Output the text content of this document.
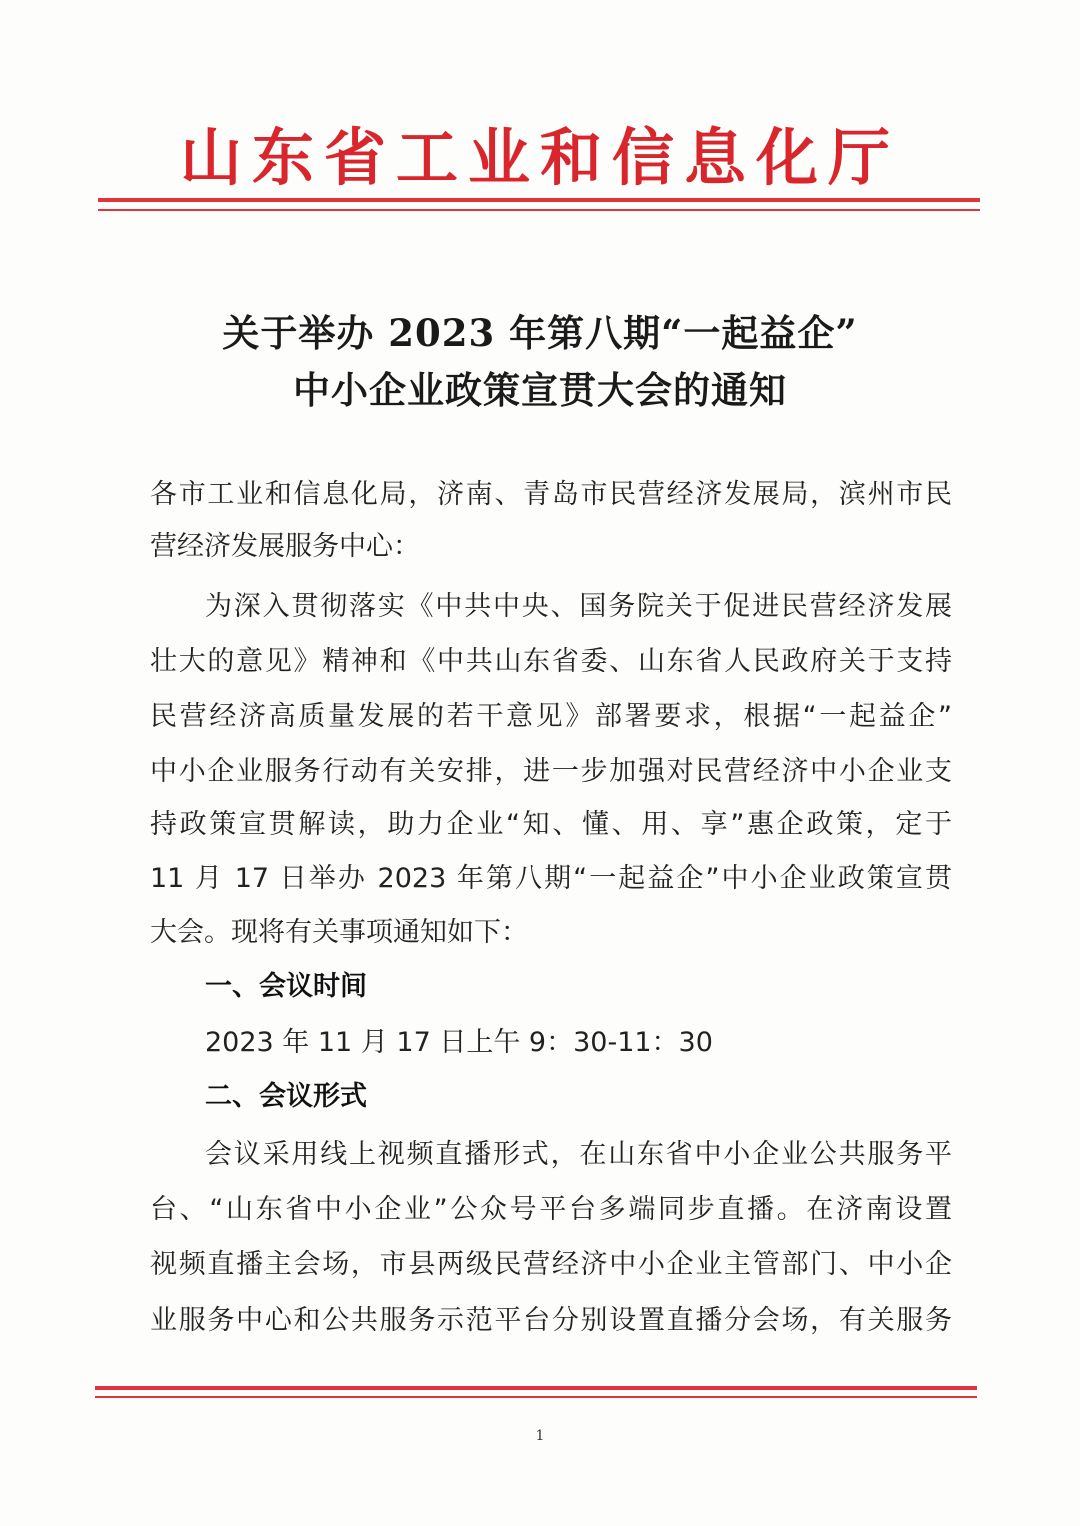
山东省工业和信息化厅
关于举办 2023 年第八期“一起益企”
中小企业政策宣贯大会的通知
各市工业和信息化局，济南、青岛市民营经济发展局，滨州市民
营经济发展服务中心：
为深入贯彻落实《中共中央、国务院关于促进民营经济发展
壮大的意见》精神和《中共山东省委、山东省人民政府关于支持
民营经济高质量发展的若干意见》部署要求，根据“一起益企”
中小企业服务行动有关安排，进一步加强对民营经济中小企业支
持政策宣贯解读，助力企业“知、懂、用、享”惠企政策，定于
11 月 17 日举办 2023 年第八期“一起益企”中小企业政策宣贯
大会。现将有关事项通知如下：
一、会议时间
2023 年 11 月 17 日上午 9：30-11：30
二、会议形式
会议采用线上视频直播形式，在山东省中小企业公共服务平
台、“山东省中小企业”公众号平台多端同步直播。在济南设置
视频直播主会场，市县两级民营经济中小企业主管部门、中小企
业服务中心和公共服务示范平台分别设置直播分会场，有关服务
1
